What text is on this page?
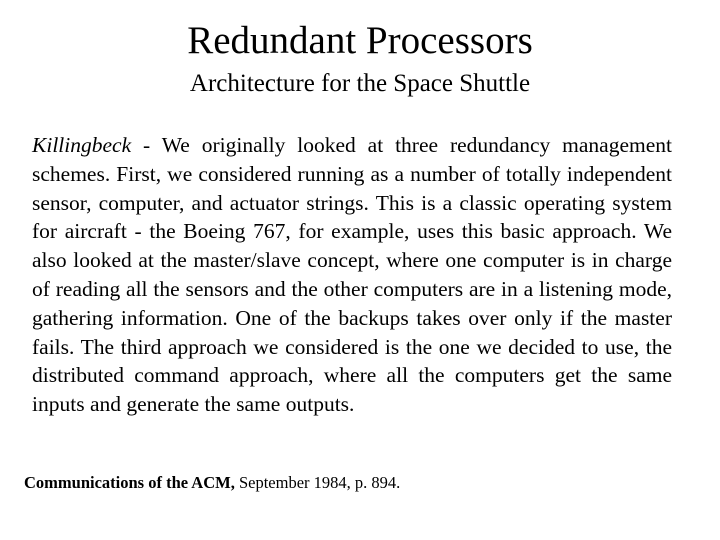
Redundant Processors
Architecture for the Space Shuttle

Killingbeck - We originally looked at three redundancy management schemes. First, we considered running as a number of totally independent sensor, computer, and actuator strings. This is a classic operating system for aircraft - the Boeing 767, for example, uses this basic approach. We also looked at the master/slave concept, where one computer is in charge of reading all the sensors and the other computers are in a listening mode, gathering information. One of the backups takes over only if the master fails. The third approach we considered is the one we decided to use, the distributed command approach, where all the computers get the same inputs and generate the same outputs.

Communications of the ACM, September 1984, p. 894.
